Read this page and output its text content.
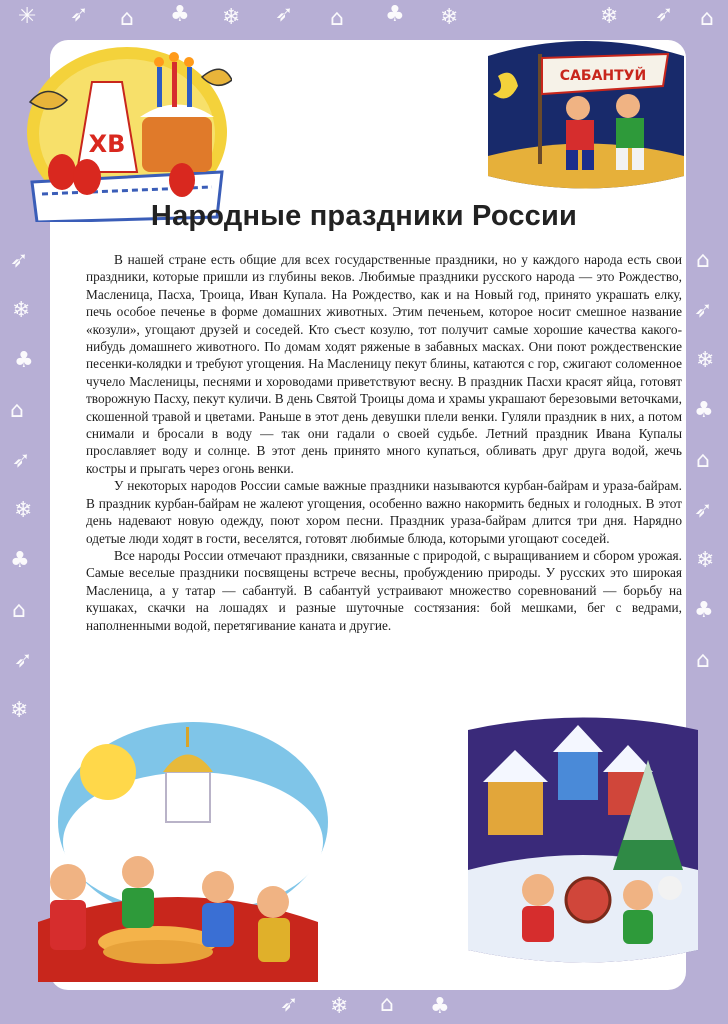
✳ ➶ ⌂ ♣ ❄ ➶ ⌂ ♣ ❄	❄ ➶ ⌂
➶
❄
♣
⌂
➶
❄
♣
⌂
➶
❄
⌂
➶
❄
♣
⌂
➶
❄
♣
⌂
➶ ❄ ⌂ ♣
ХВ
САБАНТУЙ
Народные праздники России

В нашей стране есть общие для всех государственные праздники, но у каждого народа есть свои праздники, которые пришли из глубины веков. Любимые праздники русского народа — это Рождество, Масленица, Пасха, Троица, Иван Купала. На Рождество, как и на Новый год, принято украшать елку, печь особое печенье в форме домашних животных. Этим печеньем, которое носит смешное название «козули», угощают друзей и соседей. Кто съест козулю, тот получит самые хорошие качества какого-нибудь домашнего животного. По домам ходят ряженые в забавных масках. Они поют рождественские песенки-колядки и требуют угощения. На Масленицу пекут блины, катаются с гор, сжигают соломенное чучело Масленицы, песнями и хороводами приветствуют весну. В праздник Пасхи красят яйца, готовят творожную Пасху, пекут куличи. В день Святой Троицы дома и храмы украшают березовыми веточками, скошенной травой и цветами. Раньше в этот день девушки плели венки. Гуляли праздник в них, а потом снимали и бросали в воду — так они гадали о своей судьбе. Летний праздник Ивана Купалы прославляет воду и солнце. В этот день принято много купаться, обливать друг друга водой, жечь костры и прыгать через огонь венки.

У некоторых народов России самые важные праздники называются курбан-байрам и ураза-байрам. В праздник курбан-байрам не жалеют угощения, особенно важно накормить бедных и голодных. В этот день надевают новую одежду, поют хором песни. Праздник ураза-байрам длится три дня. Нарядно одетые люди ходят в гости, веселятся, готовят любимые блюда, которыми угощают соседей.

Все народы России отмечают праздники, связанные с природой, с выращиванием и сбором урожая. Самые веселые праздники посвящены встрече весны, пробуждению природы. У русских это широкая Масленица, а у татар — сабантуй. В сабантуй устраивают множество соревнований — борьбу на кушаках, скачки на лошадях и разные шуточные состязания: бой мешками, бег с ведрами, наполненными водой, перетягивание каната и другие.
